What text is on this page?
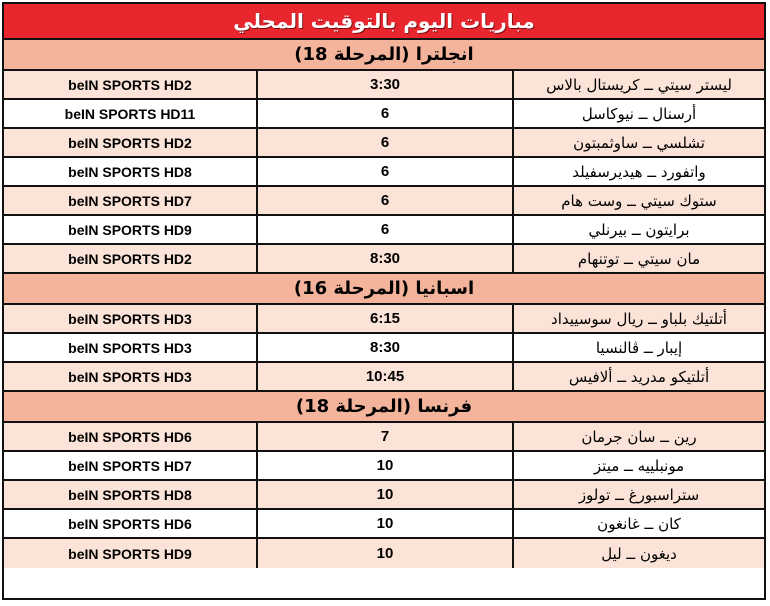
مباريات اليوم بالتوقيت المحلي
انجلترا (المرحلة 18)
beIN SPORTS HD2	3:30	ليستر سيتي ــ كريستال بالاس
beIN SPORTS HD11	6	أرسنال ــ نيوكاسل
beIN SPORTS HD2	6	تشلسي ــ ساوثمبتون
beIN SPORTS HD8	6	واتفورد ــ هيديرسفيلد
beIN SPORTS HD7	6	ستوك سيتي ــ وست هام
beIN SPORTS HD9	6	برايتون ــ بيرنلي
beIN SPORTS HD2	8:30	مان سيتي ــ توتنهام
اسبانيا (المرحلة 16)
beIN SPORTS HD3	6:15	أتلتيك بلباو ــ ريال سوسييداد
beIN SPORTS HD3	8:30	إيبار ــ ڤالنسيا
beIN SPORTS HD3	10:45	أتلتيكو مدريد ــ ألافيس
فرنسا (المرحلة 18)
beIN SPORTS HD6	7	رين ــ سان جرمان
beIN SPORTS HD7	10	مونبلييه ــ ميتز
beIN SPORTS HD8	10	ستراسبورغ ــ تولوز
beIN SPORTS HD6	10	كان ــ غانغون
beIN SPORTS HD9	10	ديغون ــ ليل
